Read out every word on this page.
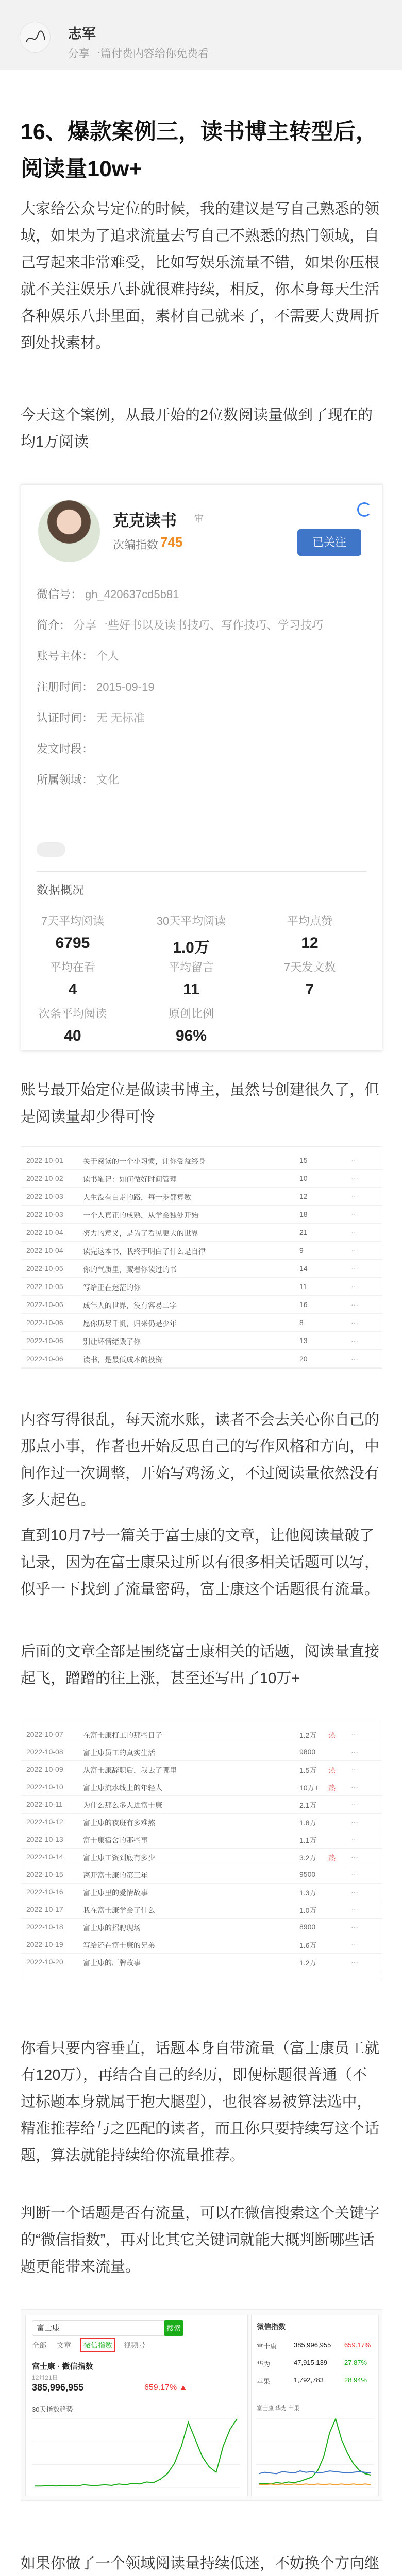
志军
分享一篇付费内容给你免费看
16、爆款案例三，读书博主转型后，阅读量10w+
大家给公众号定位的时候，我的建议是写自己熟悉的领域，如果为了追求流量去写自己不熟悉的热门领域，自己写起来非常难受，比如写娱乐流量不错，如果你压根就不关注娱乐八卦就很难持续，相反，你本身每天生活各种娱乐八卦里面，素材自己就来了，不需要大费周折到处找素材。
今天这个案例，从最开始的2位数阅读量做到了现在的均1万阅读
克克读书 审
次编指数 745	已关注
微信号： gh_420637cd5b81
简介： 分享一些好书以及读书技巧、写作技巧、学习技巧
账号主体： 个人
注册时间： 2015-09-19
认证时间： 无 无标准
发文时段：
所属领域： 文化
数据概况
7天平均阅读
6795
30天平均阅读
1.0万
平均点赞
12
平均在看
4
平均留言
11
7天发文数
7
次条平均阅读
40
原创比例
96%
账号最开始定位是做读书博主，虽然号创建很久了，但是阅读量却少得可怜
2022-10-01	关于阅读的一个小习惯，让你受益终身	15	···
2022-10-02	读书笔记：如何做好时间管理	10	···
2022-10-03	人生没有白走的路，每一步都算数	12	···
2022-10-03	一个人真正的成熟，从学会独处开始	18	···
2022-10-04	努力的意义，是为了看见更大的世界	21	···
2022-10-04	读完这本书，我终于明白了什么是自律	9	···
2022-10-05	你的气质里，藏着你读过的书	14	···
2022-10-05	写给正在迷茫的你	11	···
2022-10-06	成年人的世界，没有容易二字	16	···
2022-10-06	愿你历尽千帆，归来仍是少年	8	···
2022-10-06	别让坏情绪毁了你	13	···
2022-10-06	读书，是最低成本的投资	20	···
内容写得很乱，每天流水账，读者不会去关心你自己的那点小事，作者也开始反思自己的写作风格和方向，中间作过一次调整，开始写鸡汤文，不过阅读量依然没有多大起色。
直到10月7号一篇关于富士康的文章，让他阅读量破了记录，因为在富士康呆过所以有很多相关话题可以写，似乎一下找到了流量密码，富士康这个话题很有流量。
后面的文章全部是围绕富士康相关的话题，阅读量直接起飞，蹭蹭的往上涨，甚至还写出了10万+
2022-10-07	在富士康打工的那些日子	1.2万 热 ···
2022-10-08	富士康员工的真实生活	9800	···
2022-10-09	从富士康辞职后，我去了哪里	1.5万 热 ···
2022-10-10	富士康流水线上的年轻人	10万+ 热 ···
2022-10-11	为什么那么多人进富士康	2.1万	···
2022-10-12	富士康的夜班有多难熬	1.8万	···
2022-10-13	富士康宿舍的那些事	1.1万	···
2022-10-14	富士康工资到底有多少	3.2万 热 ···
2022-10-15	离开富士康的第三年	9500	···
2022-10-16	富士康里的爱情故事	1.3万	···
2022-10-17	我在富士康学会了什么	1.0万	···
2022-10-18	富士康的招聘现场	8900	···
2022-10-19	写给还在富士康的兄弟	1.6万	···
2022-10-20	富士康的厂牌故事	1.2万	···
你看只要内容垂直，话题本身自带流量（富士康员工就有120万），再结合自己的经历，即便标题很普通（不过标题本身就属于抱大腿型），也很容易被算法选中，精准推荐给与之匹配的读者，而且你只要持续写这个话题，算法就能持续给你流量推荐。
判断一个话题是否有流量，可以在微信搜索这个关键字的“微信指数”，再对比其它关键词就能大概判断哪些话题更能带来流量。
富士康	搜索
全部 文章	微信指数	视频号
富士康 · 微信指数
12月21日
385,996,955	659.17% ▲
30天指数趋势
微信指数
富士康	385,996,955 659.17%
华为	47,915,139	27.87%
苹果	1,792,783	28.94%
富士康 华为 苹果
如果你做了一个领域阅读量持续低迷，不妨换个方向继
